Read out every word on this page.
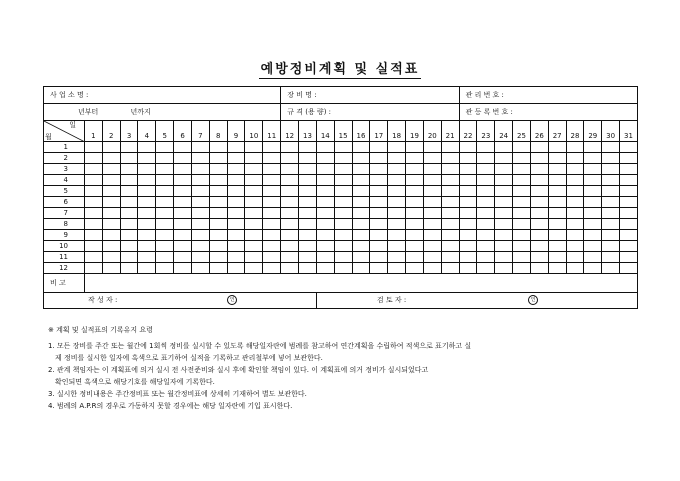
예방정비계획 및 실적표
사 업 소 명 :												장 비 명 :										관 리 번 호 :									
년부터 년까지												규 격 (용 량) :										관 등 록 번 호 :									

일
월	1	2	3	4	5	6	7	8	9	10	11	12	13	14	15	16	17	18	19	20	21	22	23	24	25	26	27	28	29	30	31
1																															
2																															
3																															
4																															
5																															
6																															
7																															
8																															
9																															
10																															
11																															
12																															
비 고																															
작 성 자 : 인														검 토 자 : 인																	
※ 계획 및 실적표의 기록유지 요령
1. 모든 장비를 주간 또는 월간에 1회씩 정비를 실시할 수 있도록 해당일자란에 범례를 참고하여 연간계획을 수립하여 적색으로 표기하고 실
제 정비를 실시한 일자에 흑색으로 표기하여 실적을 기록하고 관리철부에 넣어 보관한다.
2. 관계 책임자는 이 계획표에 의거 실시 전 사전준비와 실시 후에 확인할 책임이 있다. 이 계획표에 의거 정비가 실시되었다고
확인되면 흑색으로 해당기호를 해당일자에 기록한다.
3. 실시한 정비내용은 주간정비표 또는 월간정비표에 상세히 기재하여 별도 보관한다.
4. 범례의 A.P.R의 경우로 가동하지 못할 경우에는 해당 일자란에 기입 표시한다.
